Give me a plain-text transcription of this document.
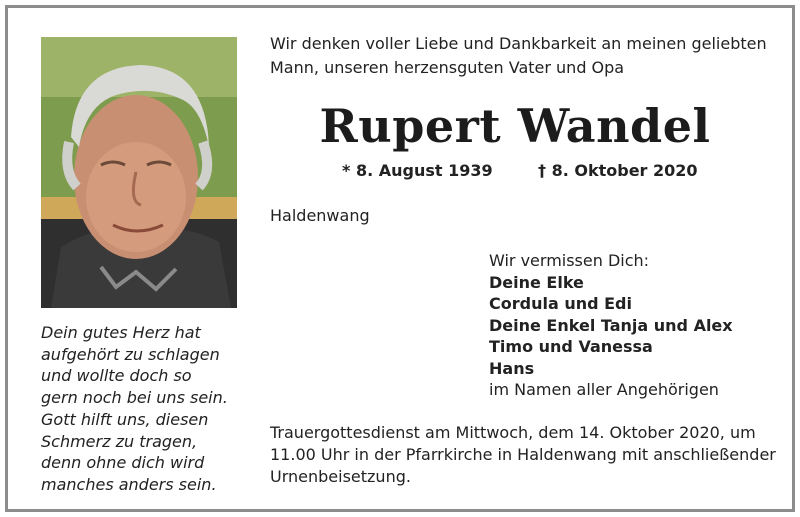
Dein gutes Herz hat
aufgehört zu schlagen
und wollte doch so
gern noch bei uns sein.
Gott hilft uns, diesen
Schmerz zu tragen,
denn ohne dich wird
manches anders sein.
Wir denken voller Liebe und Dankbarkeit an meinen geliebten
Mann, unseren herzensguten Vater und Opa
Rupert Wandel
* 8. August 1939	† 8. Oktober 2020
Haldenwang
Wir vermissen Dich:
Deine Elke
Cordula und Edi
Deine Enkel Tanja und Alex
Timo und Vanessa
Hans
im Namen aller Angehörigen
Trauergottesdienst am Mittwoch, dem 14. Oktober 2020, um
11.00 Uhr in der Pfarrkirche in Haldenwang mit anschließender
Urnenbeisetzung.
